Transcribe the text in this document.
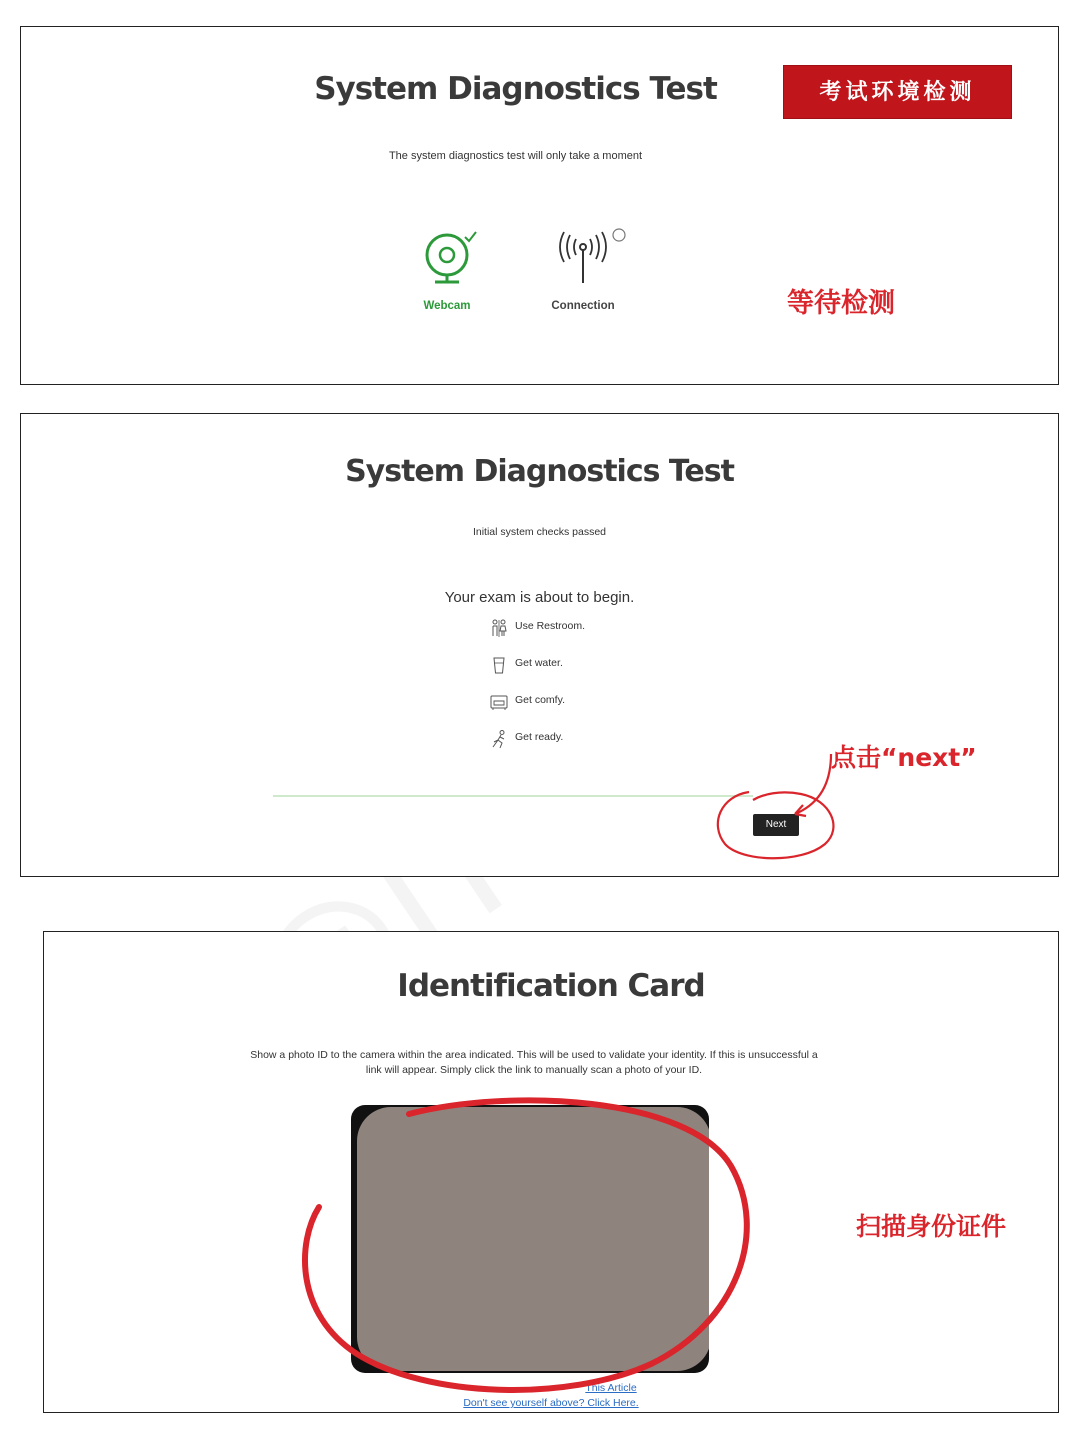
System Diagnostics Test
The system diagnostics test will only take a moment
Webcam	Connection
考试环境检测
等待检测
System Diagnostics Test
Initial system checks passed
Your exam is about to begin.
Use Restroom.
Get water.
Get comfy.
Get ready.
Next
点击“next”
Identification Card
Show a photo ID to the camera within the area indicated. This will be used to validate your identity. If this is unsuccessful a link will appear. Simply click the link to manually scan a photo of your ID.
This Article
Don't see yourself above? Click Here.
扫描身份证件
